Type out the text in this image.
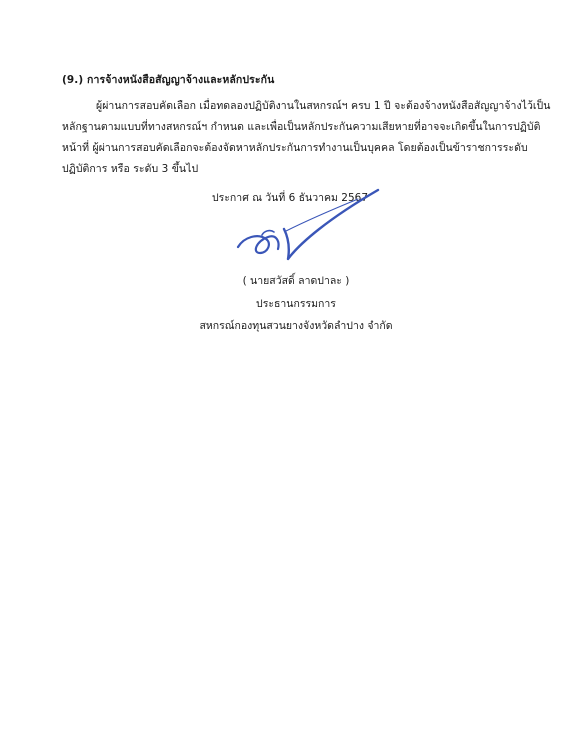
(9.) การจ้างหนังสือสัญญาจ้างและหลักประกัน
ผู้ผ่านการสอบคัดเลือก เมื่อทดลองปฏิบัติงานในสหกรณ์ฯ ครบ 1 ปี จะต้องจ้างหนังสือสัญญาจ้างไว้เป็น
หลักฐานตามแบบที่ทางสหกรณ์ฯ กำหนด และเพื่อเป็นหลักประกันความเสียหายที่อาจจะเกิดขึ้นในการปฏิบัติ
หน้าที่ ผู้ผ่านการสอบคัดเลือกจะต้องจัดหาหลักประกันการทำงานเป็นบุคคล โดยต้องเป็นข้าราชการระดับ
ปฏิบัติการ หรือ ระดับ 3 ขึ้นไป
ประกาศ ณ วันที่ 6 ธันวาคม 2567
( นายสวัสดิ์ ลาดปาละ )
ประธานกรรมการ
สหกรณ์กองทุนสวนยางจังหวัดลำปาง จำกัด
